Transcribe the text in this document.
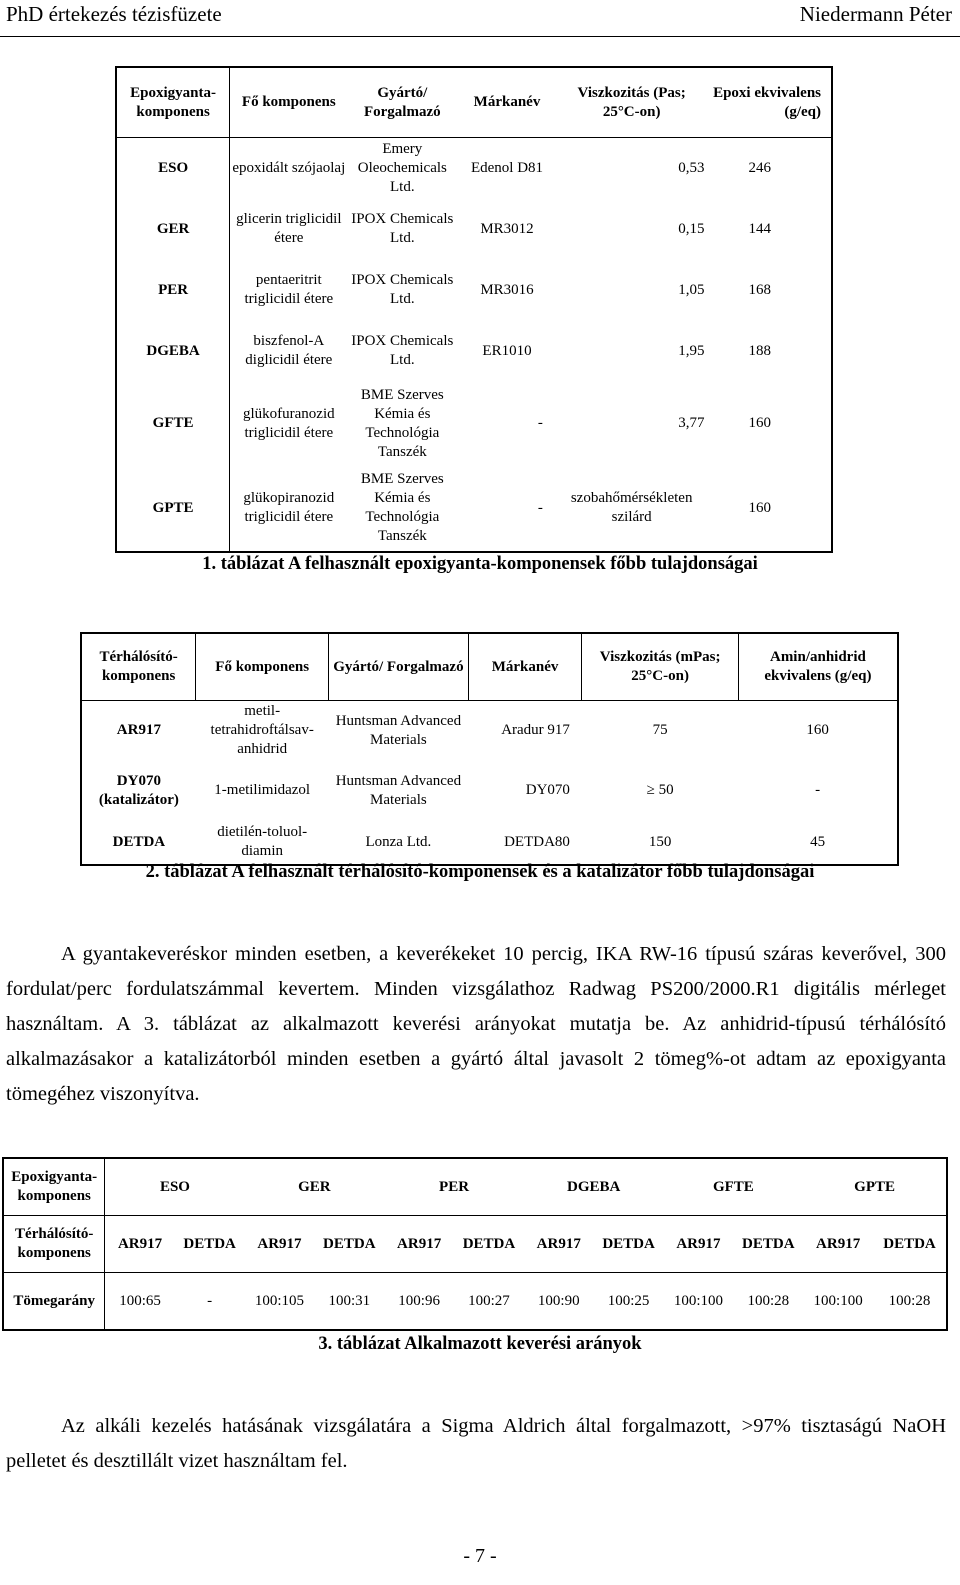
PhD értekezés tézisfüzete	Niedermann Péter
Epoxigyanta-komponens	Fő komponens	Gyártó/ Forgalmazó	Márkanév	Viszkozitás (Pas; 25°C-on)	Epoxi ekvivalens (g/eq)
ESO	epoxidált szójaolaj	Emery Oleochemicals Ltd.	Edenol D81	0,53	246
GER	glicerin triglicidil étere	IPOX Chemicals Ltd.	MR3012	0,15	144
PER	pentaeritrit triglicidil étere	IPOX Chemicals Ltd.	MR3016	1,05	168
DGEBA	biszfenol-A diglicidil étere	IPOX Chemicals Ltd.	ER1010	1,95	188
GFTE	glükofuranozid triglicidil étere	BME Szerves Kémia és Technológia Tanszék	-	3,77	160
GPTE	glükopiranozid triglicidil étere	BME Szerves Kémia és Technológia Tanszék	-	szobahőmérsékleten szilárd	160
1. táblázat A felhasznált epoxigyanta-komponensek főbb tulajdonságai
Térhálósító-komponens	Fő komponens	Gyártó/ Forgalmazó	Márkanév	Viszkozitás (mPas; 25°C-on)	Amin/anhidrid ekvivalens (g/eq)
AR917	metil-tetrahidroftálsav-anhidrid	Huntsman Advanced Materials	Aradur 917	75	160
DY070 (katalizátor)	1-metilimidazol	Huntsman Advanced Materials	DY070	≥ 50	-
DETDA	dietilén-toluol-diamin	Lonza Ltd.	DETDA80	150	45
2. táblázat A felhasznált térhálósító-komponensek és a katalizátor főbb tulajdonságai
A gyantakeveréskor minden esetben, a keverékeket 10 percig, IKA RW-16 típusú száras keverővel, 300 fordulat/perc fordulatszámmal kevertem. Minden vizsgálathoz Radwag PS200/2000.R1 digitális mérleget használtam. A 3. táblázat az alkalmazott keverési arányokat mutatja be. Az anhidrid-típusú térhálósító alkalmazásakor a katalizátorból minden esetben a gyártó által javasolt 2 tömeg%-ot adtam az epoxigyanta tömegéhez viszonyítva.
Epoxigyanta-komponens	ESO		GER		PER		DGEBA		GFTE		GPTE	
Térhálósító-komponens	AR917	DETDA	AR917	DETDA	AR917	DETDA	AR917	DETDA	AR917	DETDA	AR917	DETDA
Tömegarány	100:65	-	100:105	100:31	100:96	100:27	100:90	100:25	100:100	100:28	100:100	100:28
3. táblázat Alkalmazott keverési arányok
Az alkáli kezelés hatásának vizsgálatára a Sigma Aldrich által forgalmazott, >97% tisztaságú NaOH pelletet és desztillált vizet használtam fel.
- 7 -
